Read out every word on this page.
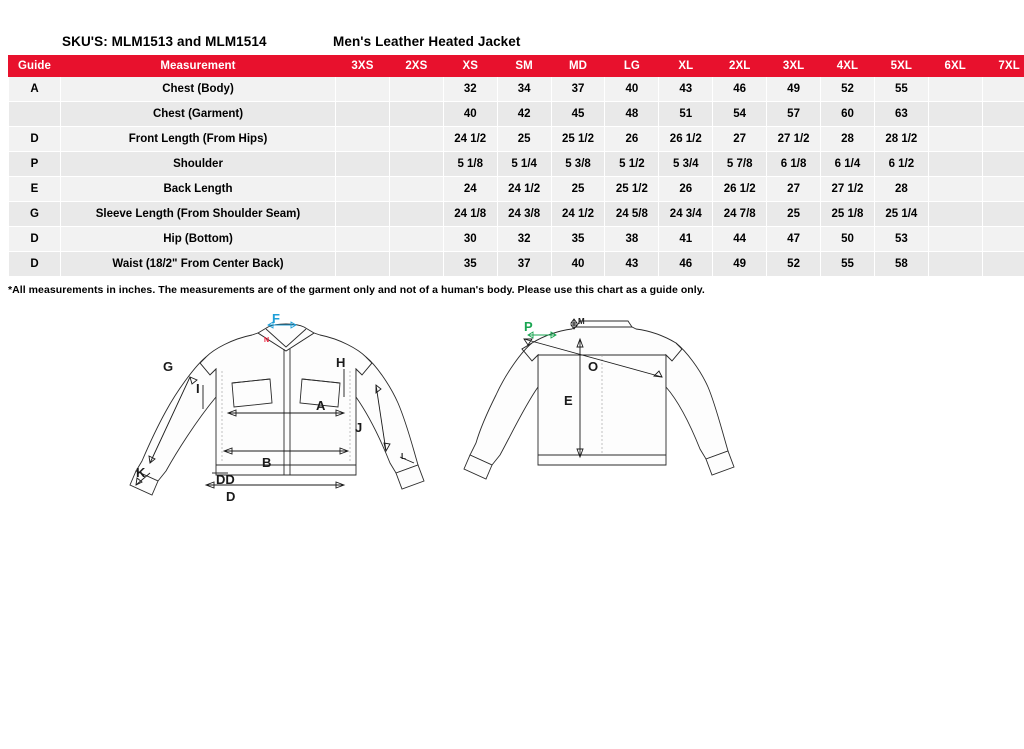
SKU'S: MLM1513 and MLM1514	Men's Leather Heated Jacket
Guide	Measurement	3XS	2XS	XS	SM	MD	LG	XL	2XL	3XL	4XL	5XL	6XL	7XL
A	Chest (Body)			32	34	37	40	43	46	49	52	55		
	Chest (Garment)			40	42	45	48	51	54	57	60	63		
D	Front Length (From Hips)			24 1/2	25	25 1/2	26	26 1/2	27	27 1/2	28	28 1/2		
P	Shoulder			5 1/8	5 1/4	5 3/8	5 1/2	5 3/4	5 7/8	6 1/8	6 1/4	6 1/2		
E	Back Length			24	24 1/2	25	25 1/2	26	26 1/2	27	27 1/2	28		
G	Sleeve Length (From Shoulder Seam)			24 1/8	24 3/8	24 1/2	24 5/8	24 3/4	24 7/8	25	25 1/8	25 1/4		
D	Hip (Bottom)			30	32	35	38	41	44	47	50	53		
D	Waist (18/2" From Center Back)			35	37	40	43	46	49	52	55	58		
*All measurements in inches. The measurements are of the garment only and not of a human's body. Please use this chart as a guide only.
G
I
A
H
J
B
DD
D
K
F
L
N
P	M
O
E
